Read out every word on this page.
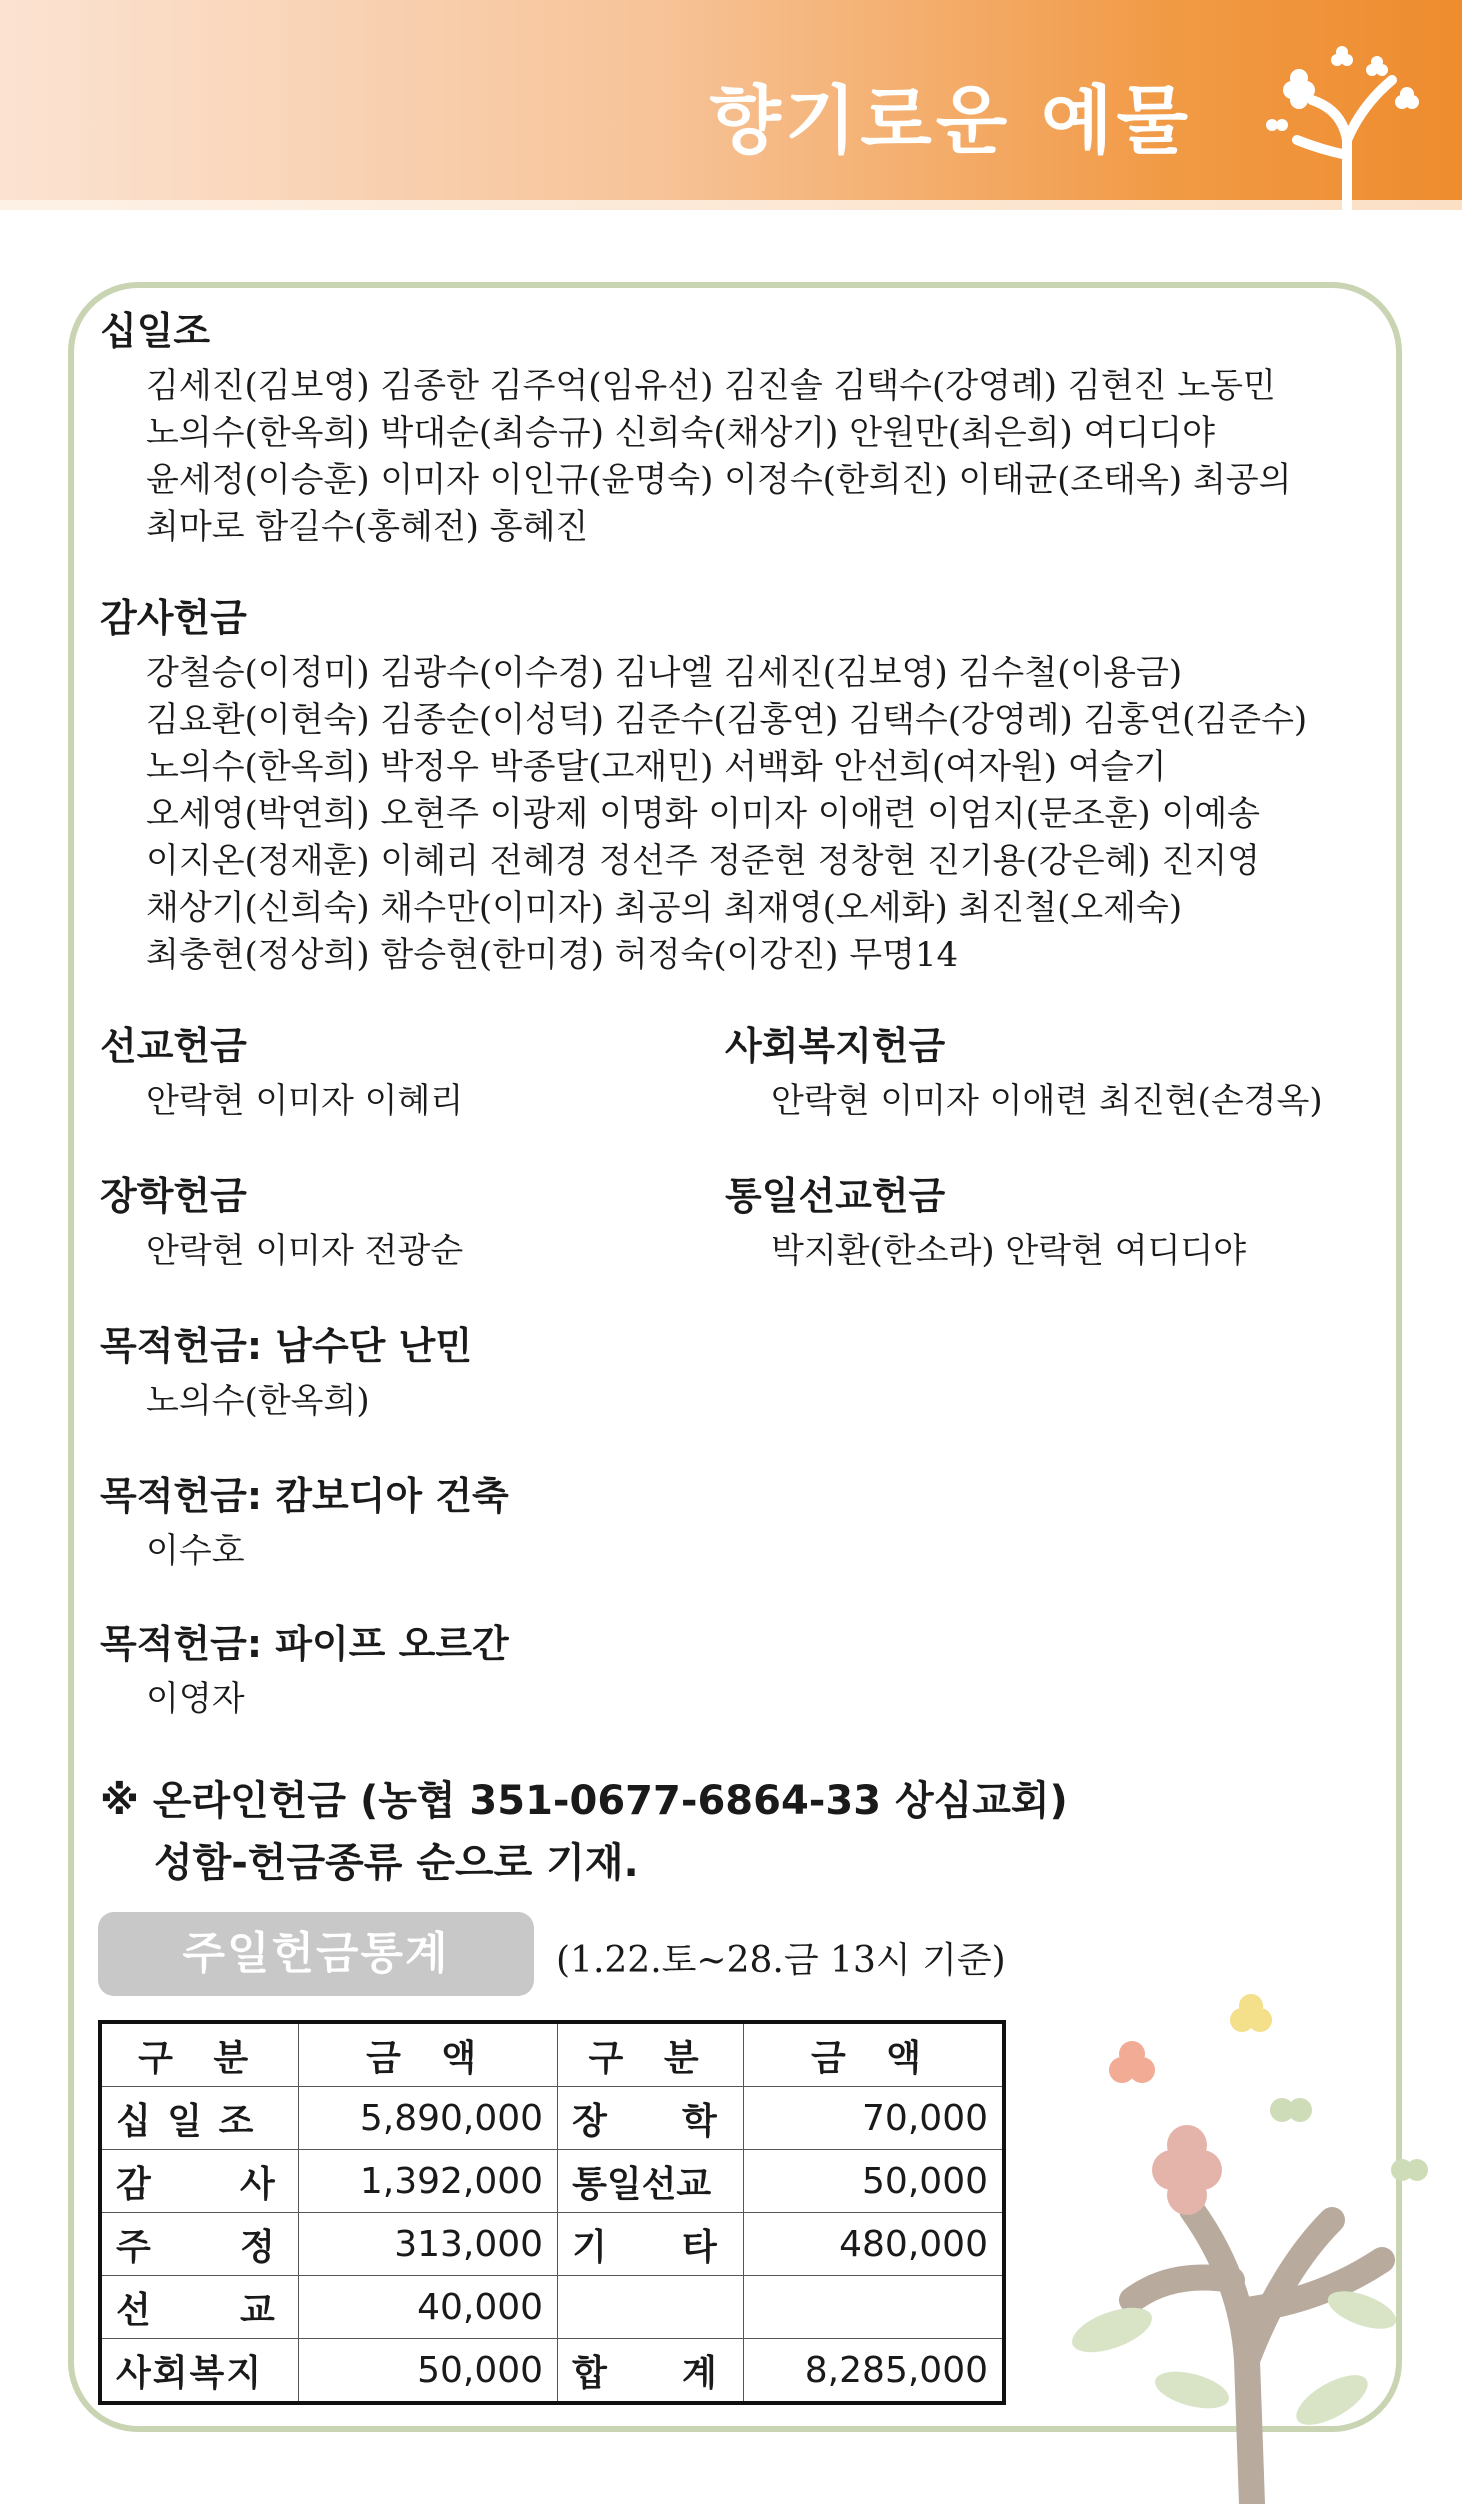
향기로운 예물
십일조
김세진(김보영) 김종한 김주억(임유선) 김진솔 김택수(강영례) 김현진 노동민
노의수(한옥희) 박대순(최승규) 신희숙(채상기) 안원만(최은희) 여디디야
윤세정(이승훈) 이미자 이인규(윤명숙) 이정수(한희진) 이태균(조태옥) 최공의
최마로 함길수(홍혜전) 홍혜진
감사헌금
강철승(이정미) 김광수(이수경) 김나엘 김세진(김보영) 김수철(이용금)
김요환(이현숙) 김종순(이성덕) 김준수(김홍연) 김택수(강영례) 김홍연(김준수)
노의수(한옥희) 박정우 박종달(고재민) 서백화 안선희(여자원) 여슬기
오세영(박연희) 오현주 이광제 이명화 이미자 이애련 이엄지(문조훈) 이예송
이지온(정재훈) 이혜리 전혜경 정선주 정준현 정창현 진기용(강은혜) 진지영
채상기(신희숙) 채수만(이미자) 최공의 최재영(오세화) 최진철(오제숙)
최충현(정상희) 함승현(한미경) 허정숙(이강진) 무명14
선교헌금
안락현 이미자 이혜리
사회복지헌금
안락현 이미자 이애련 최진현(손경옥)
장학헌금
안락현 이미자 전광순
통일선교헌금
박지환(한소라) 안락현 여디디야
목적헌금: 남수단 난민
노의수(한옥희)
목적헌금: 캄보디아 건축
이수호
목적헌금: 파이프 오르간
이영자
※ 온라인헌금 (농협 351-0677-6864-33 상심교회)
성함-헌금종류 순으로 기재.
주일헌금통계	(1.22.토~28.금 13시 기준)
구 분	금 액	구 분	금 액
십 일 조	5,890,000	장      학	70,000
감      사	1,392,000	통일선교	50,000
주      정	313,000	기      타	480,000
선      교	40,000		
사회복지	50,000	합      계	8,285,000
